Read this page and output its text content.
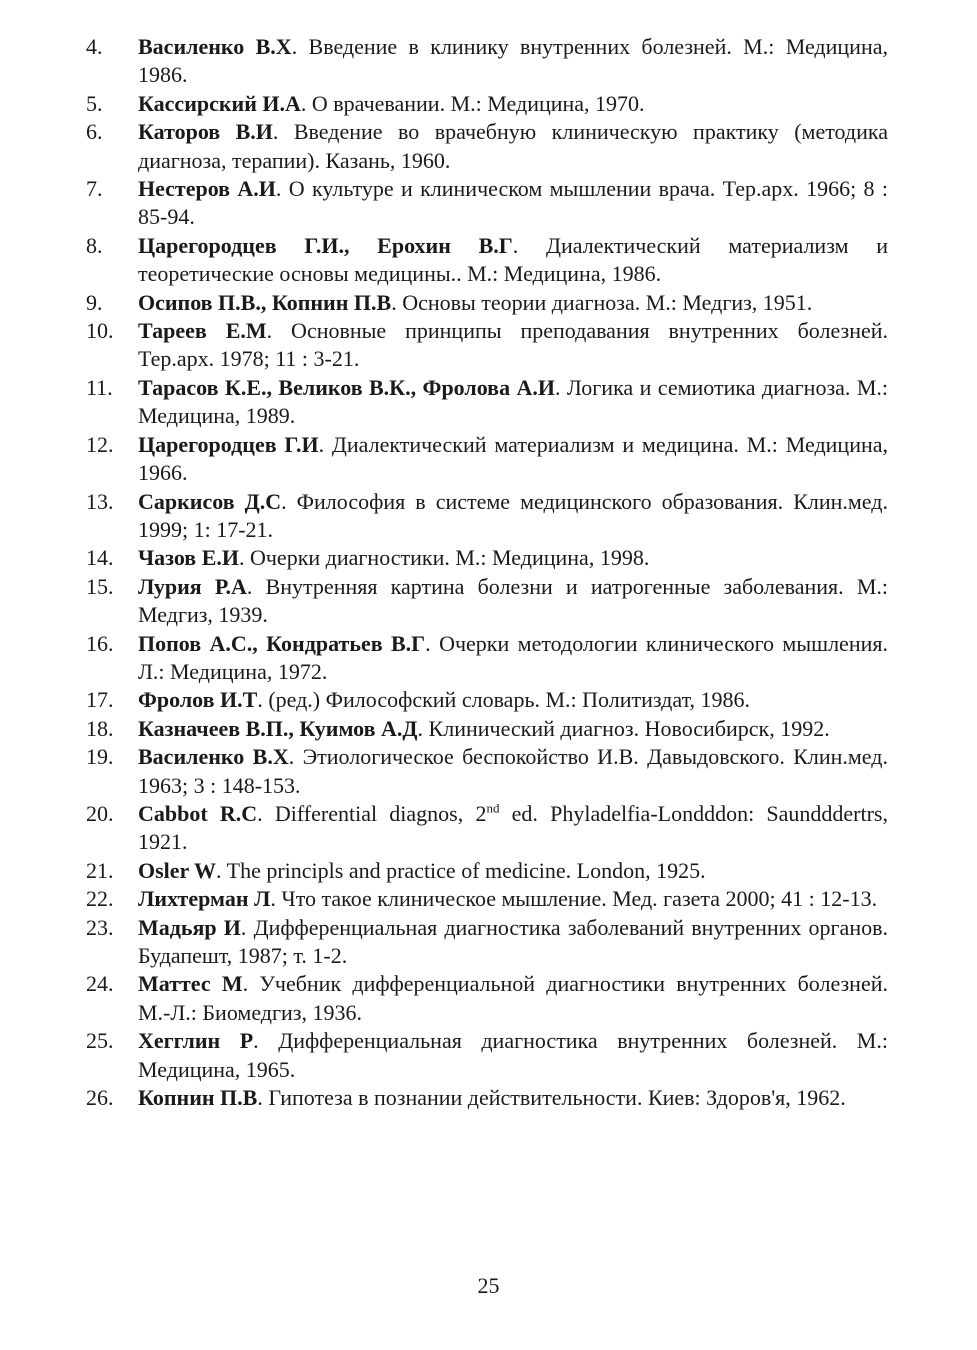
4.	Василенко В.Х. Введение в клинику внутренних болезней. М.: Медицина, 1986.
5.	Кассирский И.А. О врачевании. М.: Медицина, 1970.
6.	Каторов В.И. Введение во врачебную клиническую практику (методика диагноза, терапии). Казань, 1960.
7.	Нестеров А.И. О культуре и клиническом мышлении врача. Тер.арх. 1966; 8 : 85-94.
8.	Царегородцев Г.И., Ерохин В.Г. Диалектический материализм и теоретические основы медицины.. М.: Медицина, 1986.
9.	Осипов П.В., Копнин П.В. Основы теории диагноза. М.: Медгиз, 1951.
10.	Тареев Е.М. Основные принципы преподавания внутренних болезней. Тер.арх. 1978; 11 : 3-21.
11.	Тарасов К.Е., Великов В.К., Фролова А.И. Логика и семиотика диагноза. М.: Медицина, 1989.
12.	Царегородцев Г.И. Диалектический материализм и медицина. М.: Медицина, 1966.
13.	Саркисов Д.С. Философия в системе медицинского образования. Клин.мед. 1999; 1: 17-21.
14.	Чазов Е.И. Очерки диагностики. М.: Медицина, 1998.
15.	Лурия Р.А. Внутренняя картина болезни и иатрогенные заболевания. М.: Медгиз, 1939.
16.	Попов А.С., Кондратьев В.Г. Очерки методологии клинического мышления. Л.: Медицина, 1972.
17.	Фролов И.Т. (ред.) Философский словарь. М.: Политиздат, 1986.
18.	Казначеев В.П., Куимов А.Д. Клинический диагноз. Новосибирск, 1992.
19.	Василенко В.Х. Этиологическое беспокойство И.В. Давыдовского. Клин.мед. 1963; 3 : 148-153.
20.	Cabbot R.C. Differential diagnos, 2nd ed. Phyladelfia-Londddon: Saundddertrs, 1921.
21.	Osler W. The principls and practice of medicine. London, 1925.
22.	Лихтерман Л. Что такое клиническое мышление. Мед. газета 2000; 41 : 12-13.
23.	Мадьяр И. Дифференциальная диагностика заболеваний внутренних органов. Будапешт, 1987; т. 1-2.
24.	Маттес М. Учебник дифференциальной диагностики внутренних болезней. М.-Л.: Биомедгиз, 1936.
25.	Хегглин Р. Дифференциальная диагностика внутренних болезней. М.: Медицина, 1965.
26.	Копнин П.В. Гипотеза в познании действительности. Киев: Здоров'я, 1962.
25
